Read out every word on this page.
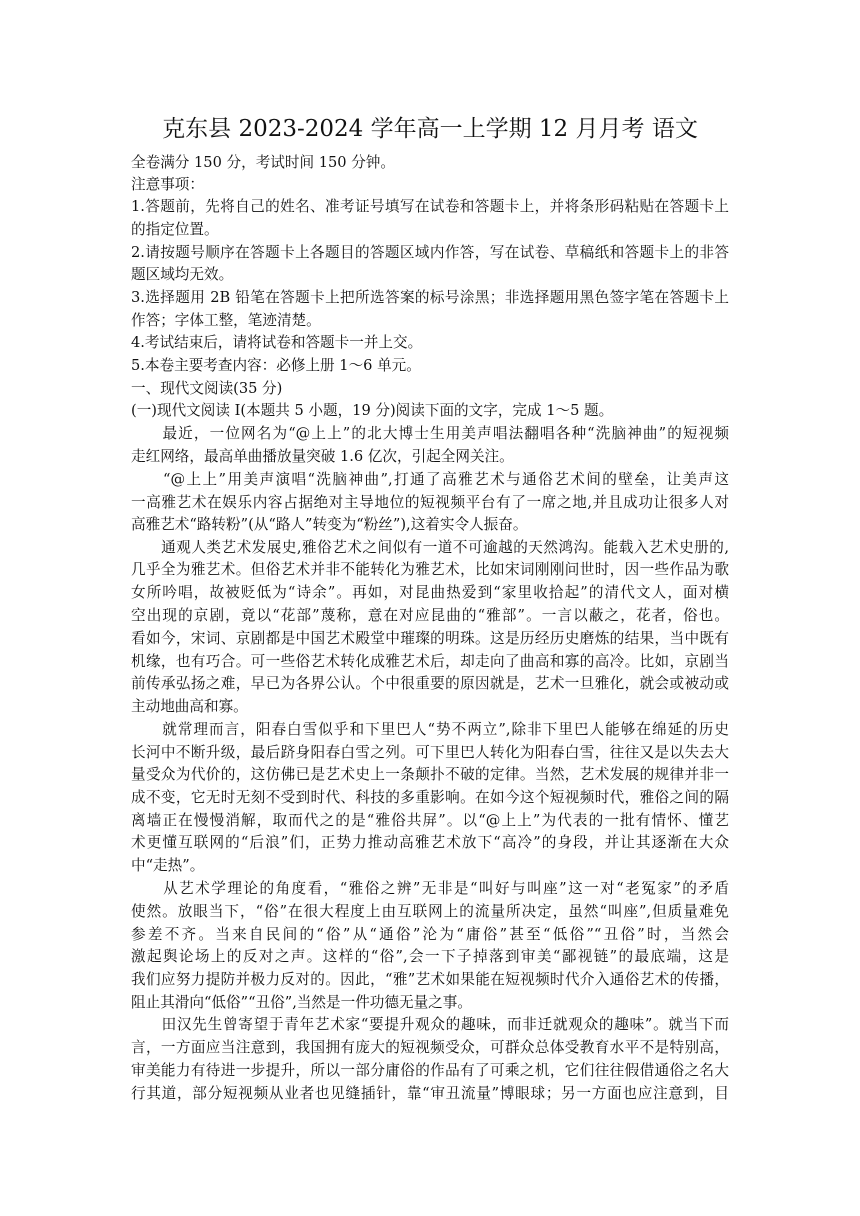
克东县 2023-2024 学年高一上学期 12 月月考 语文
全卷满分 150 分，考试时间 150 分钟。
注意事项：
1.答题前，先将自己的姓名、准考证号填写在试卷和答题卡上，并将条形码粘贴在答题卡上
的指定位置。
2.请按题号顺序在答题卡上各题目的答题区域内作答，写在试卷、草稿纸和答题卡上的非答
题区域均无效。
3.选择题用 2B 铅笔在答题卡上把所选答案的标号涂黑；非选择题用黑色签字笔在答题卡上
作答；字体工整，笔迹清楚。
4.考试结束后，请将试卷和答题卡一并上交。
5.本卷主要考查内容：必修上册 1～6 单元。
一、现代文阅读(35 分)
(一)现代文阅读 I(本题共 5 小题，19 分)阅读下面的文字，完成 1～5 题。
　　最近，一位网名为“@上上”的北大博士生用美声唱法翻唱各种“洗脑神曲”的短视频
走红网络，最高单曲播放量突破 1.6 亿次，引起全网关注。
　　“@上上”用美声演唱“洗脑神曲”,打通了高雅艺术与通俗艺术间的壁垒，让美声这
一高雅艺术在娱乐内容占据绝对主导地位的短视频平台有了一席之地,并且成功让很多人对
高雅艺术“路转粉”(从“路人”转变为“粉丝”),这着实令人振奋。
　　通观人类艺术发展史,雅俗艺术之间似有一道不可逾越的天然鸿沟。能载入艺术史册的,
几乎全为雅艺术。但俗艺术并非不能转化为雅艺术，比如宋词刚刚问世时，因一些作品为歌
女所吟唱，故被贬低为“诗余”。再如，对昆曲热爱到“家里收拾起”的清代文人，面对横
空出现的京剧，竟以“花部”蔑称，意在对应昆曲的“雅部”。一言以蔽之，花者，俗也。
看如今，宋词、京剧都是中国艺术殿堂中璀璨的明珠。这是历经历史磨炼的结果，当中既有
机缘，也有巧合。可一些俗艺术转化成雅艺术后，却走向了曲高和寡的高冷。比如，京剧当
前传承弘扬之难，早已为各界公认。个中很重要的原因就是，艺术一旦雅化，就会或被动或
主动地曲高和寡。
　　就常理而言，阳春白雪似乎和下里巴人“势不两立”,除非下里巴人能够在绵延的历史
长河中不断升级，最后跻身阳春白雪之列。可下里巴人转化为阳春白雪，往往又是以失去大
量受众为代价的，这仿佛已是艺术史上一条颠扑不破的定律。当然，艺术发展的规律并非一
成不变，它无时无刻不受到时代、科技的多重影响。在如今这个短视频时代，雅俗之间的隔
离墙正在慢慢消解，取而代之的是“雅俗共屏”。以“@上上”为代表的一批有情怀、懂艺
术更懂互联网的“后浪”们，正势力推动高雅艺术放下“高冷”的身段，并让其逐渐在大众
中“走热”。
　　从艺术学理论的角度看，“雅俗之辨”无非是“叫好与叫座”这一对“老冤家”的矛盾
使然。放眼当下，“俗”在很大程度上由互联网上的流量所决定，虽然“叫座”,但质量难免
参差不齐。当来自民间的“俗”从“通俗”沦为“庸俗”甚至“低俗”“丑俗”时，当然会
激起舆论场上的反对之声。这样的“俗”,会一下子掉落到审美“鄙视链”的最底端，这是
我们应努力提防并极力反对的。因此，“雅”艺术如果能在短视频时代介入通俗艺术的传播，
阻止其滑向“低俗”“丑俗”,当然是一件功德无量之事。
　　田汉先生曾寄望于青年艺术家“要提升观众的趣味，而非迁就观众的趣味”。就当下而
言，一方面应当注意到，我国拥有庞大的短视频受众，可群众总体受教育水平不是特别高，
审美能力有待进一步提升，所以一部分庸俗的作品有了可乘之机，它们往往假借通俗之名大
行其道，部分短视频从业者也见缝插针，靠“审丑流量”博眼球；另一方面也应注意到，目
